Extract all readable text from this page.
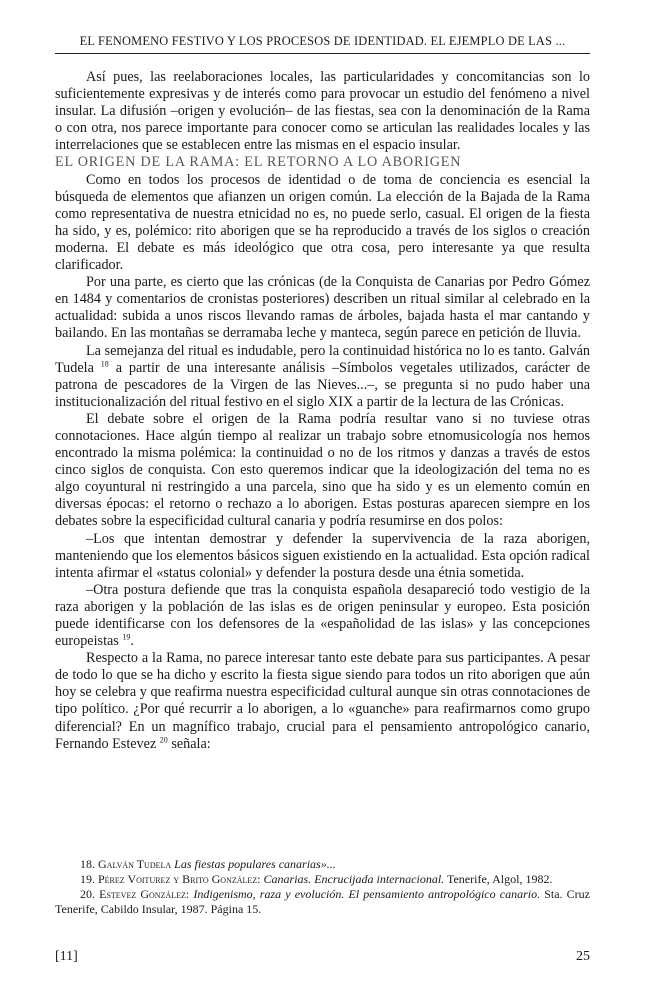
EL FENOMENO FESTIVO Y LOS PROCESOS DE IDENTIDAD. EL EJEMPLO DE LAS ...

Así pues, las reelaboraciones locales, las particularidades y concomitancias son lo suficientemente expresivas y de interés como para provocar un estudio del fenómeno a nivel insular. La difusión –origen y evolución– de las fiestas, sea con la denominación de la Rama o con otra, nos parece importante para conocer como se articulan las realidades locales y las interrelaciones que se establecen entre las mismas en el espacio insular.

EL ORIGEN DE LA RAMA: EL RETORNO A LO ABORIGEN

Como en todos los procesos de identidad o de toma de conciencia es esencial la búsqueda de elementos que afianzen un origen común. La elección de la Bajada de la Rama como representativa de nuestra etnicidad no es, no puede serlo, casual. El origen de la fiesta ha sido, y es, polémico: rito aborigen que se ha reproducido a través de los siglos o creación moderna. El debate es más ideológico que otra cosa, pero interesante ya que resulta clarificador.

Por una parte, es cierto que las crónicas (de la Conquista de Canarias por Pedro Gómez en 1484 y comentarios de cronistas posteriores) describen un ritual similar al celebrado en la actualidad: subida a unos riscos llevando ramas de árboles, bajada hasta el mar cantando y bailando. En las montañas se derramaba leche y manteca, según parece en petición de lluvia.

La semejanza del ritual es indudable, pero la continuidad histórica no lo es tanto. Galván Tudela $^{18}$ a partir de una interesante análisis –Símbolos vegetales utilizados, carácter de patrona de pescadores de la Virgen de las Nieves...–, se pregunta si no pudo haber una institucionalización del ritual festivo en el siglo XIX a partir de la lectura de las Crónicas.

El debate sobre el origen de la Rama podría resultar vano si no tuviese otras connotaciones. Hace algún tiempo al realizar un trabajo sobre etnomusicología nos hemos encontrado la misma polémica: la continuidad o no de los ritmos y danzas a través de estos cinco siglos de conquista. Con esto queremos indicar que la ideologización del tema no es algo coyuntural ni restringido a una parcela, sino que ha sido y es un elemento común en diversas épocas: el retorno o rechazo a lo aborigen. Estas posturas aparecen siempre en los debates sobre la especificidad cultural canaria y podría resumirse en dos polos:

–Los que intentan demostrar y defender la supervivencia de la raza aborigen, manteniendo que los elementos básicos siguen existiendo en la actualidad. Esta opción radical intenta afirmar el «status colonial» y defender la postura desde una étnia sometida.

–Otra postura defiende que tras la conquista española desapareció todo vestigio de la raza aborigen y la población de las islas es de origen peninsular y europeo. Esta posición puede identificarse con los defensores de la «españolidad de las islas» y las concepciones europeistas $^{19}$.

Respecto a la Rama, no parece interesar tanto este debate para sus participantes. A pesar de todo lo que se ha dicho y escrito la fiesta sigue siendo para todos un rito aborigen que aún hoy se celebra y que reafirma nuestra especificidad cultural aunque sin otras connotaciones de tipo político. ¿Por qué recurrir a lo aborigen, a lo «guanche» para reafirmarnos como grupo diferencial? En un magnífico trabajo, crucial para el pensamiento antropológico canario, Fernando Estevez $^{20}$ señala:

18. Galván Tudela Las fiestas populares canarias»...

19. Pérez Voiturez y Brito González: Canarias. Encrucijada internacional. Tenerife, Algol, 1982.

20. Estevez González: Indigenismo, raza y evolución. El pensamiento antropológico canario. Sta. Cruz Tenerife, Cabildo Insular, 1987. Página 15.

[11]	25
